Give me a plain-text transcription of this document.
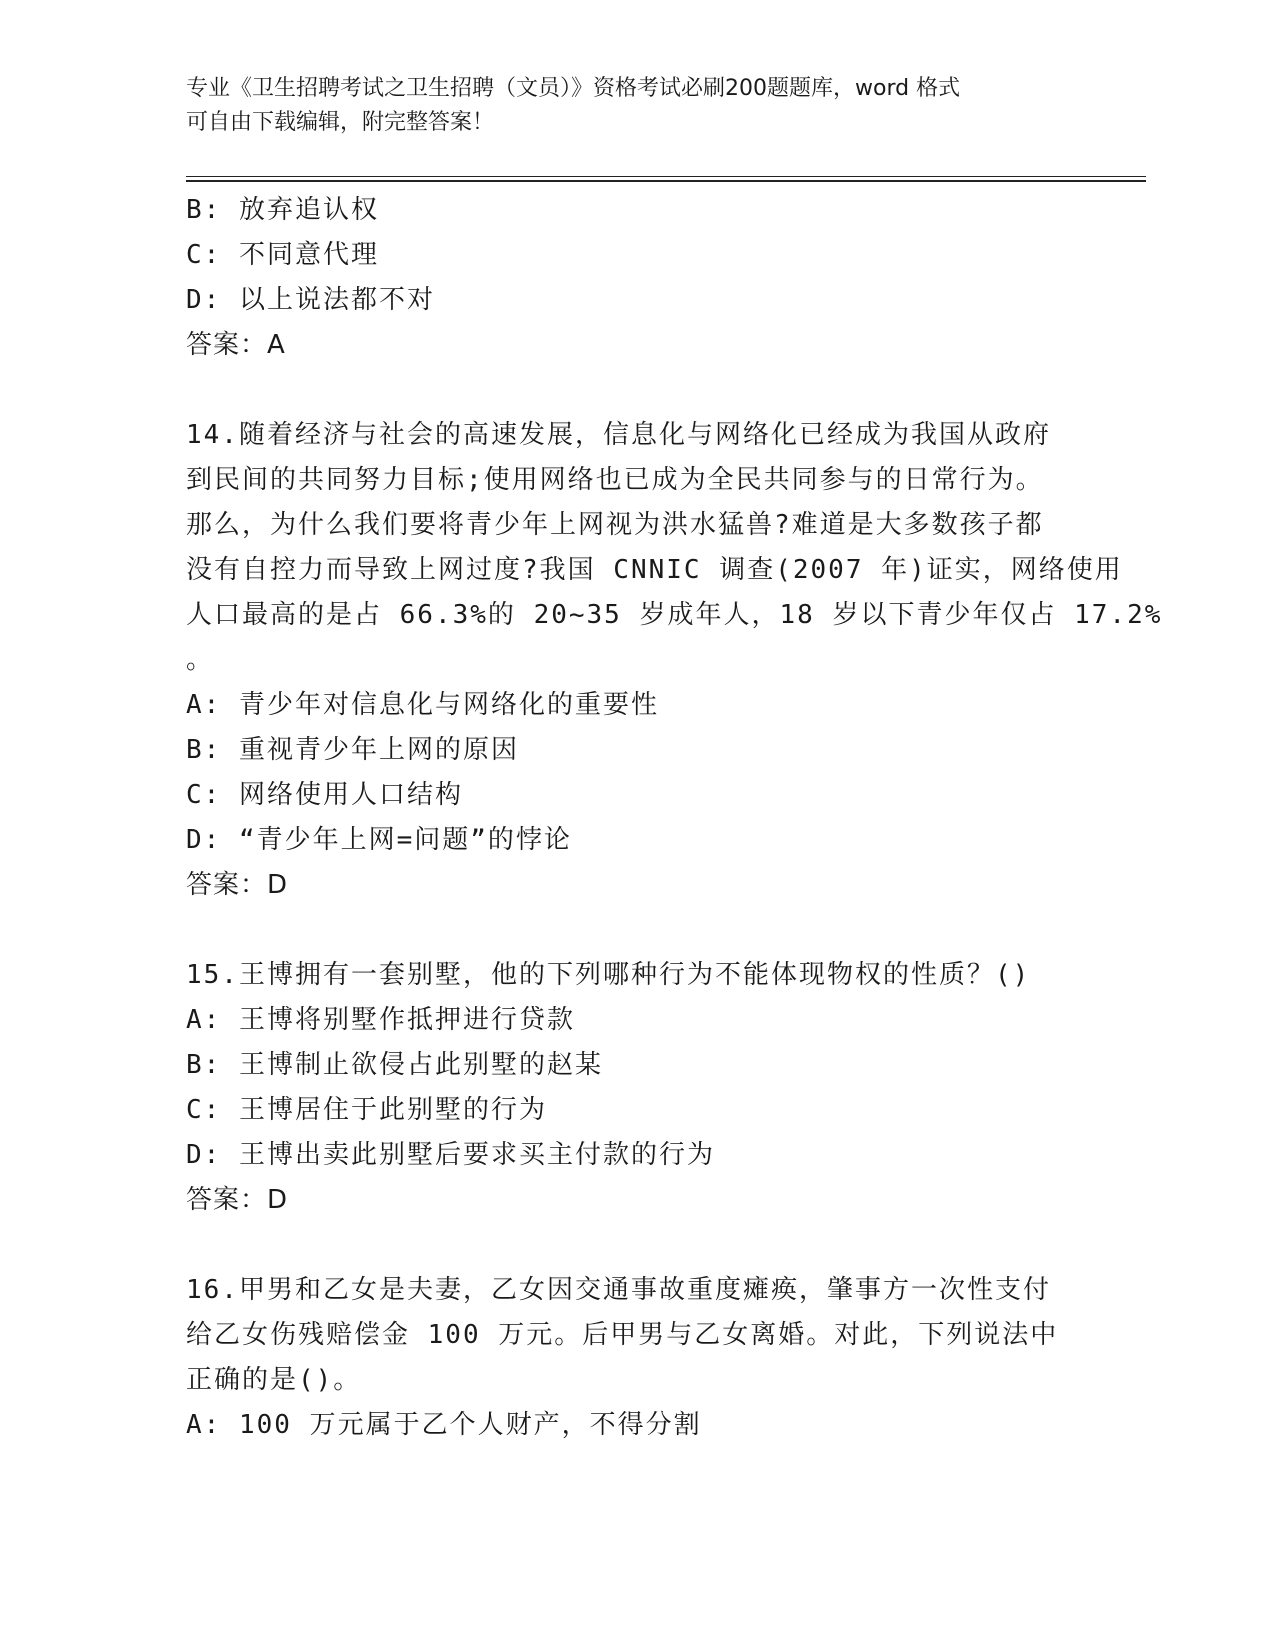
专业《卫生招聘考试之卫生招聘（文员）》资格考试必刷200题题库，word 格式
可自由下载编辑，附完整答案！
B: 放弃追认权
C: 不同意代理
D: 以上说法都不对
答案：A
14.随着经济与社会的高速发展，信息化与网络化已经成为我国从政府
到民间的共同努力目标;使用网络也已成为全民共同参与的日常行为。
那么，为什么我们要将青少年上网视为洪水猛兽?难道是大多数孩子都
没有自控力而导致上网过度?我国 CNNIC 调查(2007 年)证实，网络使用
人口最高的是占 66.3%的 20~35 岁成年人，18 岁以下青少年仅占 17.2%
。
A: 青少年对信息化与网络化的重要性
B: 重视青少年上网的原因
C: 网络使用人口结构
D: “青少年上网=问题”的悖论
答案：D
15.王博拥有一套别墅，他的下列哪种行为不能体现物权的性质？()
A: 王博将别墅作抵押进行贷款
B: 王博制止欲侵占此别墅的赵某
C: 王博居住于此别墅的行为
D: 王博出卖此别墅后要求买主付款的行为
答案：D
16.甲男和乙女是夫妻，乙女因交通事故重度瘫痪，肇事方一次性支付
给乙女伤残赔偿金 100 万元。后甲男与乙女离婚。对此，下列说法中
正确的是()。
A: 100 万元属于乙个人财产，不得分割
